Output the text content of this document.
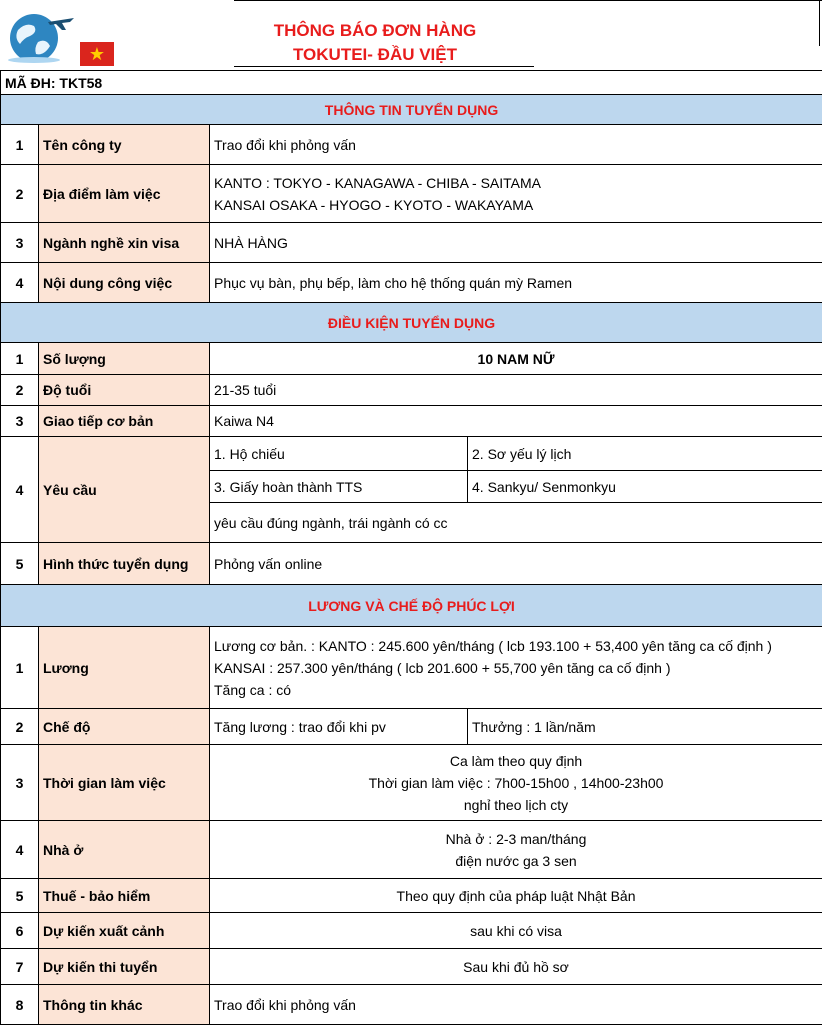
★
THÔNG BÁO ĐƠN HÀNG
TOKUTEI- ĐẦU VIỆT
MÃ ĐH: TKT58			
THÔNG TIN TUYỂN DỤNG			
1	Tên công ty	Trao đổi khi phỏng vấn	
2	Địa điểm làm việc	KANTO : TOKYO - KANAGAWA - CHIBA - SAITAMA
KANSAI OSAKA - HYOGO - KYOTO - WAKAYAMA	

3	Ngành nghề xin visa	NHÀ HÀNG	
4	Nội dung công việc	Phục vụ bàn, phụ bếp, làm cho hệ thống quán mỳ Ramen	
ĐIỀU KIỆN TUYỂN DỤNG			
1	Số lượng	10 NAM NỮ	
2	Độ tuổi	21-35 tuổi	
3	Giao tiếp cơ bản	Kaiwa N4	
4	Yêu cầu	1. Hộ chiếu	2. Sơ yếu lý lịch
		3. Giấy hoàn thành TTS	4. Sankyu/ Senmonkyu
		yêu cầu đúng ngành, trái ngành có cc	
5	Hình thức tuyển dụng	Phỏng vấn online	
LƯƠNG VÀ CHẾ ĐỘ PHÚC LỢI			
1	Lương	Lương cơ bản. : KANTO : 245.600 yên/tháng ( lcb 193.100 + 53,400 yên tăng ca cố định )
KANSAI : 257.300 yên/tháng ( lcb 201.600 + 55,700 yên tăng ca cố định )
Tăng ca : có	

2	Chế độ	Tăng lương : trao đổi khi pv	Thưởng : 1 lần/năm
3	Thời gian làm việc	Ca làm theo quy định
Thời gian làm việc : 7h00-15h00 , 14h00-23h00
nghỉ theo lịch cty	

4	Nhà ở	Nhà ở : 2-3 man/tháng
điện nước ga 3 sen	

5	Thuế - bảo hiểm	Theo quy định của pháp luật Nhật Bản	
6	Dự kiến xuất cảnh	sau khi có visa	
7	Dự kiến thi tuyển	Sau khi đủ hồ sơ	
8	Thông tin khác	Trao đổi khi phỏng vấn	
